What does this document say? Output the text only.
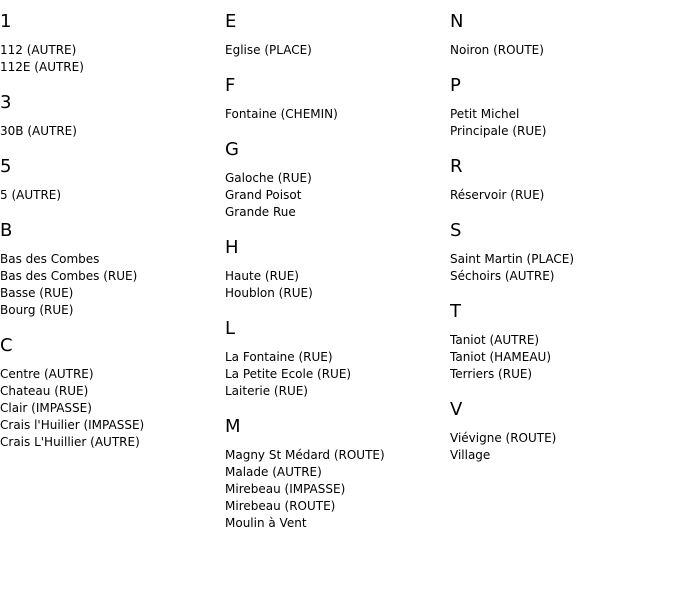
1
112 (AUTRE)
112E (AUTRE)
3
30B (AUTRE)
5
5 (AUTRE)
B
Bas des Combes
Bas des Combes (RUE)
Basse (RUE)
Bourg (RUE)
C
Centre (AUTRE)
Chateau (RUE)
Clair (IMPASSE)
Crais l'Huilier (IMPASSE)
Crais L'Huillier (AUTRE)
E
Eglise (PLACE)
F
Fontaine (CHEMIN)
G
Galoche (RUE)
Grand Poisot
Grande Rue
H
Haute (RUE)
Houblon (RUE)
L
La Fontaine (RUE)
La Petite Ecole (RUE)
Laiterie (RUE)
M
Magny St Médard (ROUTE)
Malade (AUTRE)
Mirebeau (IMPASSE)
Mirebeau (ROUTE)
Moulin à Vent
N
Noiron (ROUTE)
P
Petit Michel
Principale (RUE)
R
Réservoir (RUE)
S
Saint Martin (PLACE)
Séchoirs (AUTRE)
T
Taniot (AUTRE)
Taniot (HAMEAU)
Terriers (RUE)
V
Viévigne (ROUTE)
Village
